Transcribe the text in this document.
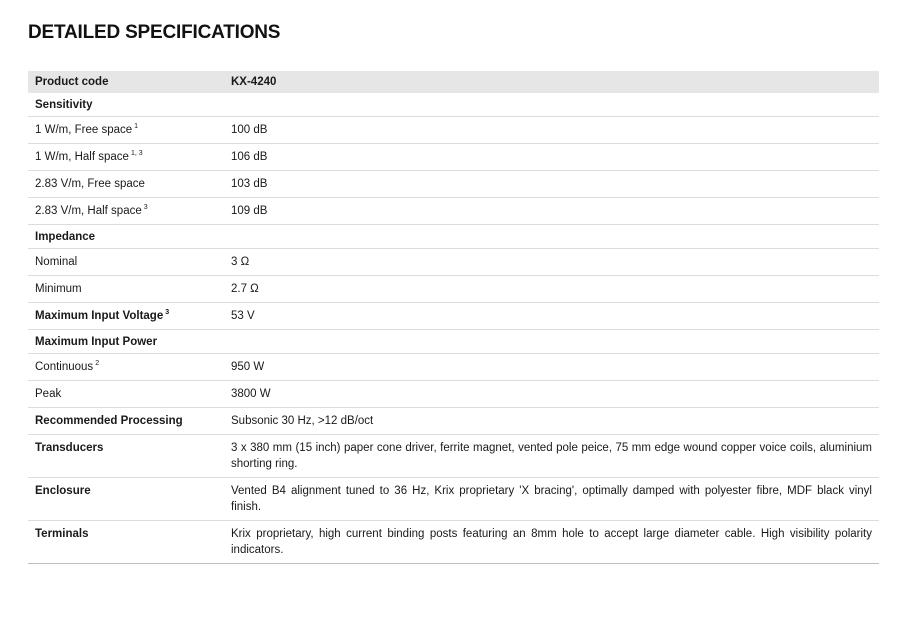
DETAILED SPECIFICATIONS
Product code	KX-4240
Sensitivity	
1 W/m, Free space $^1$	100 dB
1 W/m, Half space $^{1, 3}$	106 dB
2.83 V/m, Free space	103 dB
2.83 V/m, Half space $^3$	109 dB
Impedance	
Nominal	3 Ω
Minimum	2.7 Ω
Maximum Input Voltage $^3$	53 V
Maximum Input Power	
Continuous $^2$	950 W
Peak	3800 W
Recommended Processing	Subsonic 30 Hz, >12 dB/oct
Transducers	3 x 380 mm (15 inch) paper cone driver, ferrite magnet, vented pole peice, 75 mm edge wound copper voice coils, aluminium shorting ring.
Enclosure	Vented B4 alignment tuned to 36 Hz, Krix proprietary 'X bracing', optimally damped with polyester fibre, MDF black vinyl finish.
Terminals	Krix proprietary, high current binding posts featuring an 8mm hole to accept large diameter cable. High visibility polarity indicators.
